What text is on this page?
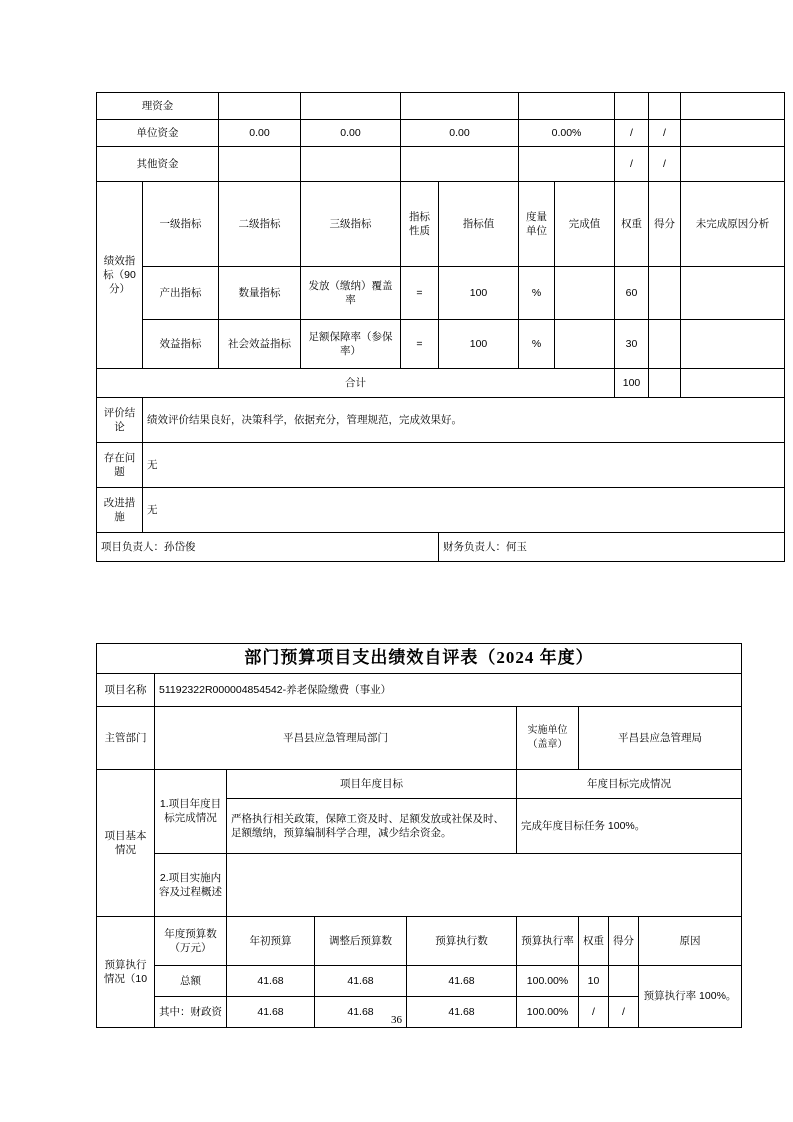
理资金										
单位资金		0.00	0.00	0.00		0.00%		/	/	
其他资金								/	/	
绩效指标（90分）	一级指标	二级指标	三级指标	指标性质	指标值	度量单位	完成值	权重	得分	未完成原因分析
	产出指标	数量指标	发放（缴纳）覆盖率	=	100	%		60		
	效益指标	社会效益指标	足额保障率（参保率）	=	100	%		30		
合计								100		
评价结论	绩效评价结果良好，决策科学，依据充分，管理规范，完成效果好。									
存在问题	无									
改进措施	无									
项目负责人：孙岱俊					财务负责人：何玉					
部门预算项目支出绩效自评表（2024 年度）								
项目名称	51192322R000004854542-养老保险缴费（事业）							
主管部门	平昌县应急管理局部门				实施单位（盖章）	平昌县应急管理局		
项目基本情况	1.项目年度目标完成情况	项目年度目标			年度目标完成情况			
		严格执行相关政策，保障工资及时、足额发放或社保及时、足额缴纳，预算编制科学合理，减少结余资金。			完成年度目标任务 100%。			
	2.项目实施内容及过程概述							

预算执行情况（10	年度预算数（万元）	年初预算	调整后预算数	预算执行数	预算执行率	权重	得分	原因
	总额	41.68	41.68	41.68	100.00%	10		预算执行率 100%。
	其中：财政资	41.68	41.68	41.68	100.00%	/	/	
36
